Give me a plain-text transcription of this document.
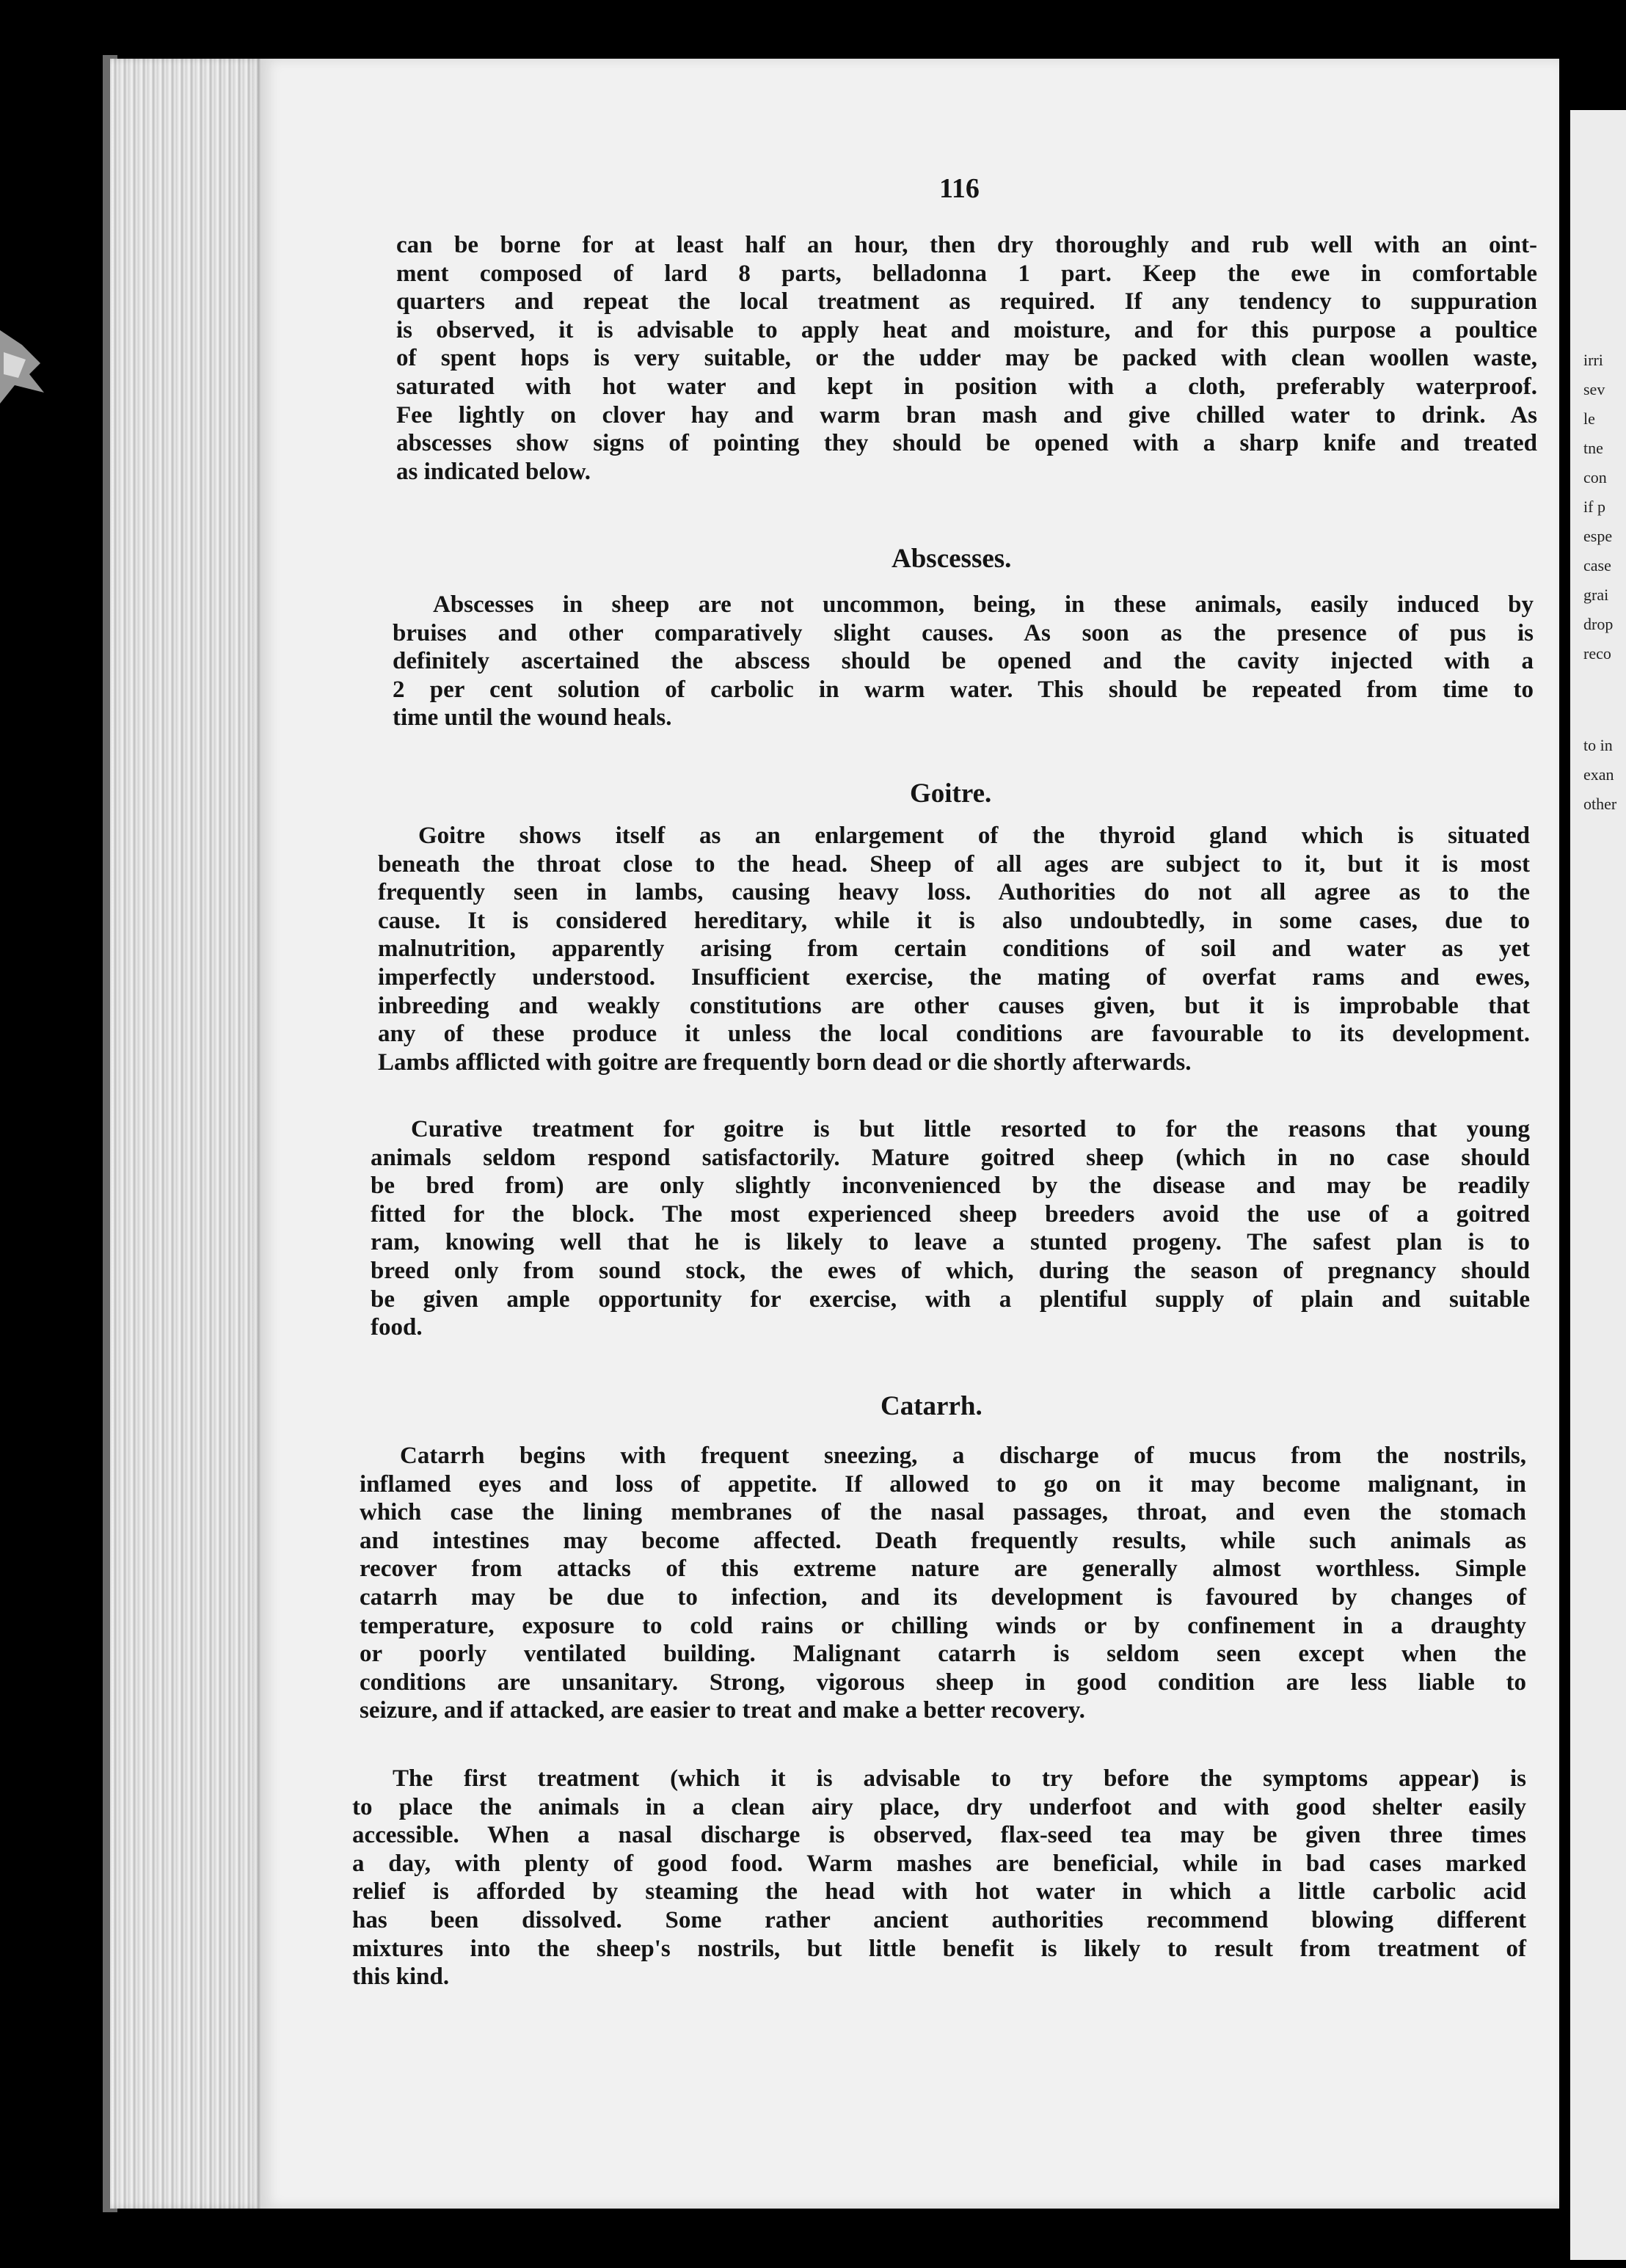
irri
sev
le
tne
con
if p
espe
case
grai
drop
reco
to in
exan
other
116
can be borne for at least half an hour, then dry thoroughly and rub well with an oint-
ment composed of lard 8 parts, belladonna 1 part. Keep the ewe in comfortable
quarters and repeat the local treatment as required. If any tendency to suppuration
is observed, it is advisable to apply heat and moisture, and for this purpose a poultice
of spent hops is very suitable, or the udder may be packed with clean woollen waste,
saturated with hot water and kept in position with a cloth, preferably waterproof.
Fee lightly on clover hay and warm bran mash and give chilled water to drink. As
abscesses show signs of pointing they should be opened with a sharp knife and treated
as indicated below.
Abscesses.
Abscesses in sheep are not uncommon, being, in these animals, easily induced by
bruises and other comparatively slight causes. As soon as the presence of pus is
definitely ascertained the abscess should be opened and the cavity injected with a
2 per cent solution of carbolic in warm water. This should be repeated from time to
time until the wound heals.
Goitre.
Goitre shows itself as an enlargement of the thyroid gland which is situated
beneath the throat close to the head. Sheep of all ages are subject to it, but it is most
frequently seen in lambs, causing heavy loss. Authorities do not all agree as to the
cause. It is considered hereditary, while it is also undoubtedly, in some cases, due to
malnutrition, apparently arising from certain conditions of soil and water as yet
imperfectly understood. Insufficient exercise, the mating of overfat rams and ewes,
inbreeding and weakly constitutions are other causes given, but it is improbable that
any of these produce it unless the local conditions are favourable to its development.
Lambs afflicted with goitre are frequently born dead or die shortly afterwards.
Curative treatment for goitre is but little resorted to for the reasons that young
animals seldom respond satisfactorily. Mature goitred sheep (which in no case should
be bred from) are only slightly inconvenienced by the disease and may be readily
fitted for the block. The most experienced sheep breeders avoid the use of a goitred
ram, knowing well that he is likely to leave a stunted progeny. The safest plan is to
breed only from sound stock, the ewes of which, during the season of pregnancy should
be given ample opportunity for exercise, with a plentiful supply of plain and suitable
food.
Catarrh.
Catarrh begins with frequent sneezing, a discharge of mucus from the nostrils,
inflamed eyes and loss of appetite. If allowed to go on it may become malignant, in
which case the lining membranes of the nasal passages, throat, and even the stomach
and intestines may become affected. Death frequently results, while such animals as
recover from attacks of this extreme nature are generally almost worthless. Simple
catarrh may be due to infection, and its development is favoured by changes of
temperature, exposure to cold rains or chilling winds or by confinement in a draughty
or poorly ventilated building. Malignant catarrh is seldom seen except when the
conditions are unsanitary. Strong, vigorous sheep in good condition are less liable to
seizure, and if attacked, are easier to treat and make a better recovery.
The first treatment (which it is advisable to try before the symptoms appear) is
to place the animals in a clean airy place, dry underfoot and with good shelter easily
accessible. When a nasal discharge is observed, flax-seed tea may be given three times
a day, with plenty of good food. Warm mashes are beneficial, while in bad cases marked
relief is afforded by steaming the head with hot water in which a little carbolic acid
has been dissolved. Some rather ancient authorities recommend blowing different
mixtures into the sheep's nostrils, but little benefit is likely to result from treatment of
this kind.
